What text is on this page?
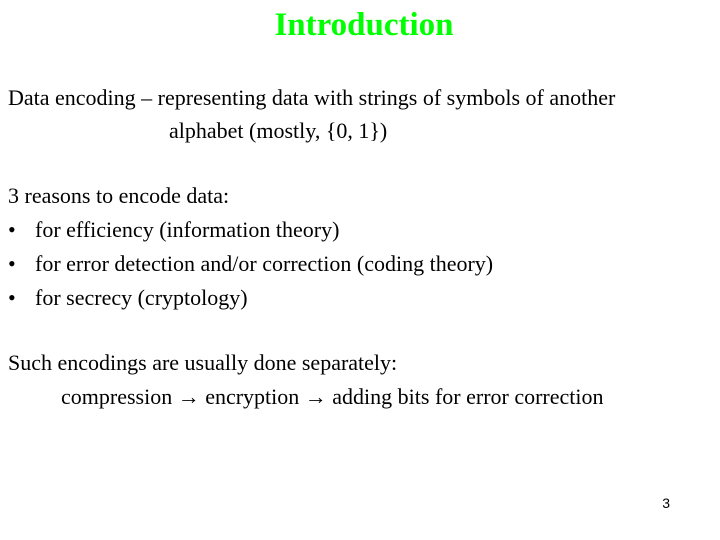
Introduction
Data encoding – representing data with strings of symbols of another
alphabet (mostly, {0, 1})
3 reasons to encode data:
• for efficiency (information theory)
• for error detection and/or correction (coding theory)
• for secrecy (cryptology)
Such encodings are usually done separately:
compression → encryption → adding bits for error correction
3
